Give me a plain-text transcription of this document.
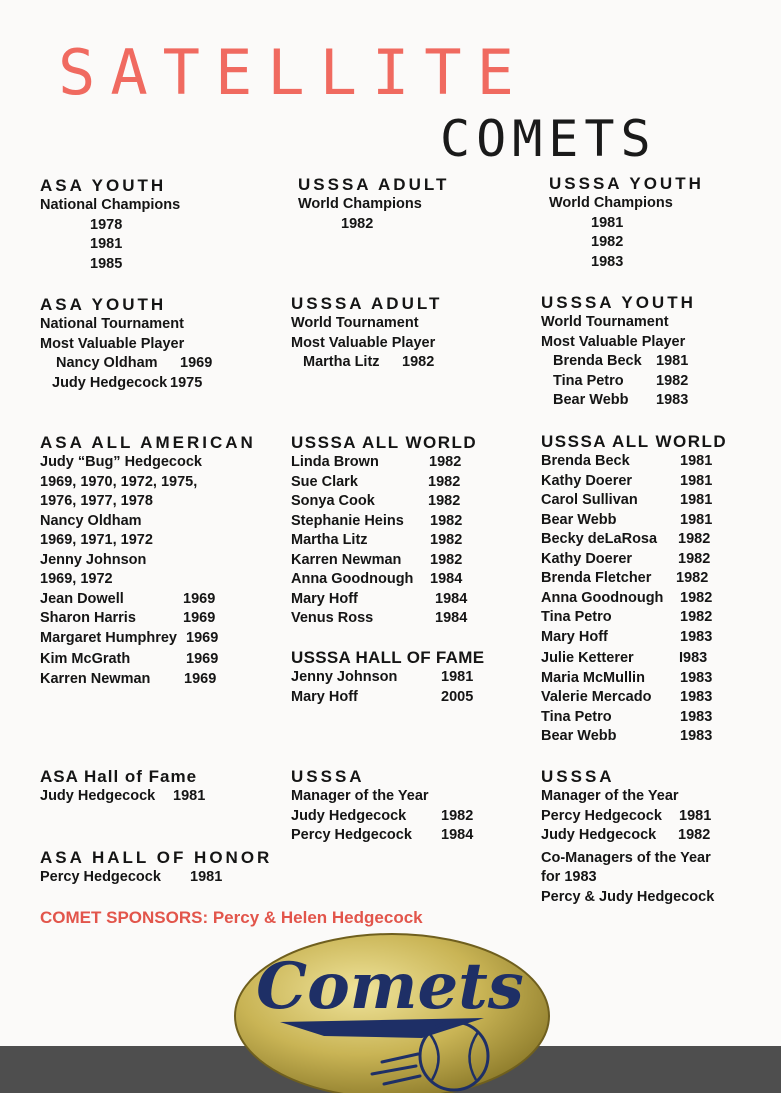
SATELLITE
COMETS
ASA YOUTH
National Champions
1978
1981
1985
ASA YOUTH
National Tournament
Most Valuable Player
Nancy Oldham	1969
Judy Hedgecock 1975
ASA ALL AMERICAN
Judy “Bug” Hedgecock
1969, 1970, 1972, 1975,
1976, 1977, 1978
Nancy Oldham
1969, 1971, 1972
Jenny Johnson
1969, 1972
Jean Dowell	1969
Sharon Harris	1969
Margaret Humphrey 1969
Kim McGrath	1969
Karren Newman	1969
ASA Hall of Fame
Judy Hedgecock	1981
ASA HALL OF HONOR
Percy Hedgecock	1981
USSSA ADULT
World Champions
1982
USSSA ADULT
World Tournament
Most Valuable Player
Martha Litz	1982
USSSA ALL WORLD
Linda Brown	1982
Sue Clark	1982
Sonya Cook	1982
Stephanie Heins	1982
Martha Litz	1982
Karren Newman	1982
Anna Goodnough	1984
Mary Hoff	1984
Venus Ross	1984
USSSA HALL OF FAME
Jenny Johnson	1981
Mary Hoff	2005
USSSA
Manager of the Year
Judy Hedgecock	1982
Percy Hedgecock	1984
USSSA YOUTH
World Champions
1981
1982
1983
USSSA YOUTH
World Tournament
Most Valuable Player
Brenda Beck 1981
Tina Petro	1982
Bear Webb	1983
USSSA ALL WORLD
Brenda Beck	1981
Kathy Doerer	1981
Carol Sullivan	1981
Bear Webb	1981
Becky deLaRosa	1982
Kathy Doerer	1982
Brenda Fletcher	1982
Anna Goodnough	1982
Tina Petro	1982
Mary Hoff	1983
Julie Ketterer	I983
Maria McMullin	1983
Valerie Mercado	1983
Tina Petro	1983
Bear Webb	1983
USSSA
Manager of the Year
Percy Hedgecock	1981
Judy Hedgecock	1982
Co-Managers of the Year
for 1983
Percy & Judy Hedgecock
COMET SPONSORS: Percy & Helen Hedgecock
Comets
